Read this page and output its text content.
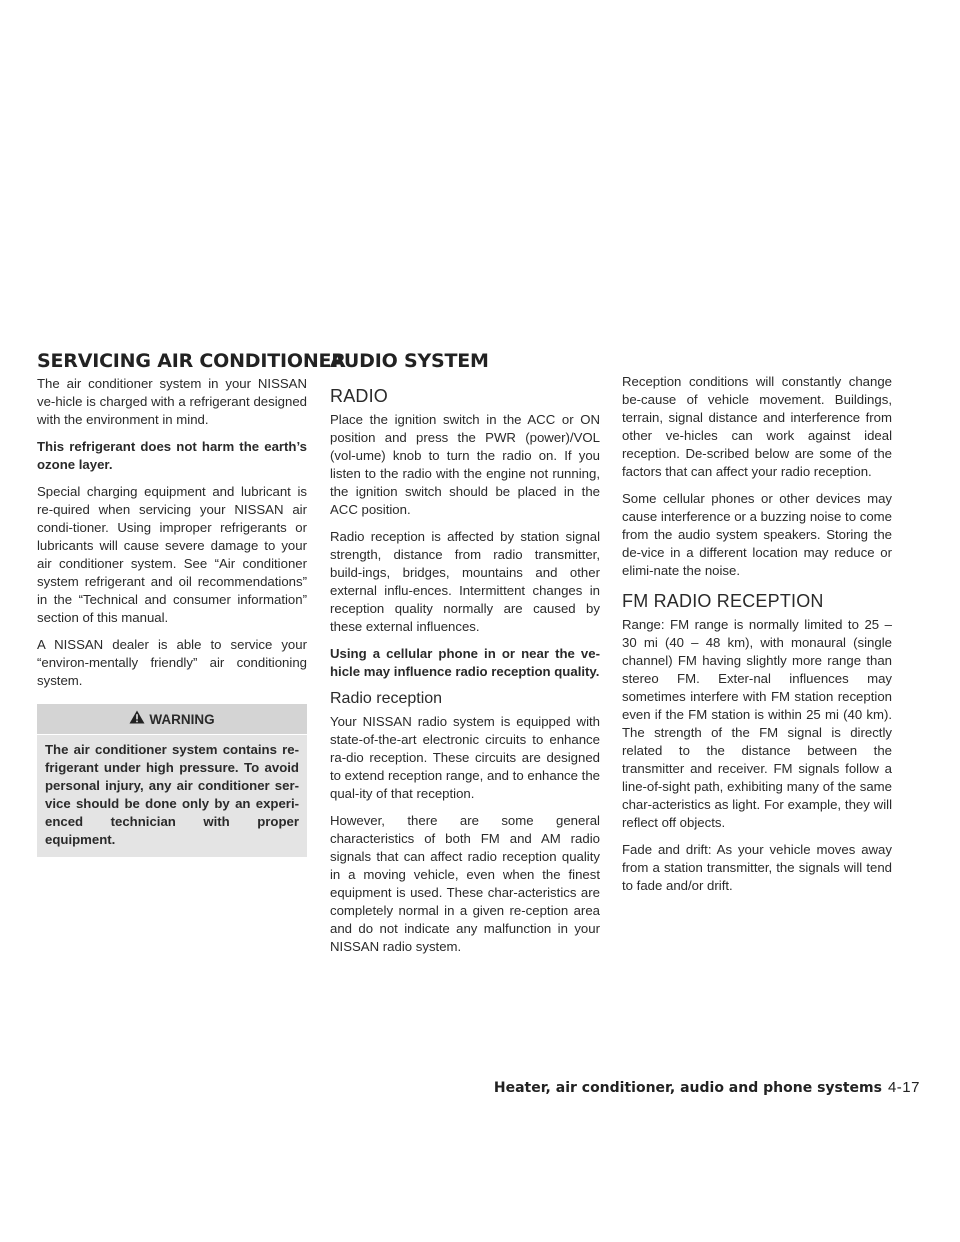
SERVICING AIR CONDITIONER
AUDIO SYSTEM

The air conditioner system in your NISSAN ve-hicle is charged with a refrigerant designed with the environment in mind.

This refrigerant does not harm the earth’s ozone layer.

Special charging equipment and lubricant is re-quired when servicing your NISSAN air condi-tioner. Using improper refrigerants or lubricants will cause severe damage to your air conditioner system. See “Air conditioner system refrigerant and oil recommendations” in the “Technical and consumer information” section of this manual.

A NISSAN dealer is able to service your “environ-mentally friendly” air conditioning system.

WARNING
The air conditioner system contains re-frigerant under high pressure. To avoid personal injury, any air conditioner ser-vice should be done only by an experi-enced technician with proper equipment.
RADIO

Place the ignition switch in the ACC or ON position and press the PWR (power)/VOL (vol-ume) knob to turn the radio on. If you listen to the radio with the engine not running, the ignition switch should be placed in the ACC position.

Radio reception is affected by station signal strength, distance from radio transmitter, build-ings, bridges, mountains and other external influ-ences. Intermittent changes in reception quality normally are caused by these external influences.

Using a cellular phone in or near the ve-hicle may influence radio reception quality.

Radio reception

Your NISSAN radio system is equipped with state-of-the-art electronic circuits to enhance ra-dio reception. These circuits are designed to extend reception range, and to enhance the qual-ity of that reception.

However, there are some general characteristics of both FM and AM radio signals that can affect radio reception quality in a moving vehicle, even when the finest equipment is used. These char-acteristics are completely normal in a given re-ception area and do not indicate any malfunction in your NISSAN radio system.

Reception conditions will constantly change be-cause of vehicle movement. Buildings, terrain, signal distance and interference from other ve-hicles can work against ideal reception. De-scribed below are some of the factors that can affect your radio reception.

Some cellular phones or other devices may cause interference or a buzzing noise to come from the audio system speakers. Storing the de-vice in a different location may reduce or elimi-nate the noise.

FM RADIO RECEPTION

Range: FM range is normally limited to 25 – 30 mi (40 – 48 km), with monaural (single channel) FM having slightly more range than stereo FM. Exter-nal influences may sometimes interfere with FM station reception even if the FM station is within 25 mi (40 km). The strength of the FM signal is directly related to the distance between the transmitter and receiver. FM signals follow a line-of-sight path, exhibiting many of the same char-acteristics as light. For example, they will reflect off objects.

Fade and drift: As your vehicle moves away from a station transmitter, the signals will tend to fade and/or drift.

Heater, air conditioner, audio and phone systems 4-17
